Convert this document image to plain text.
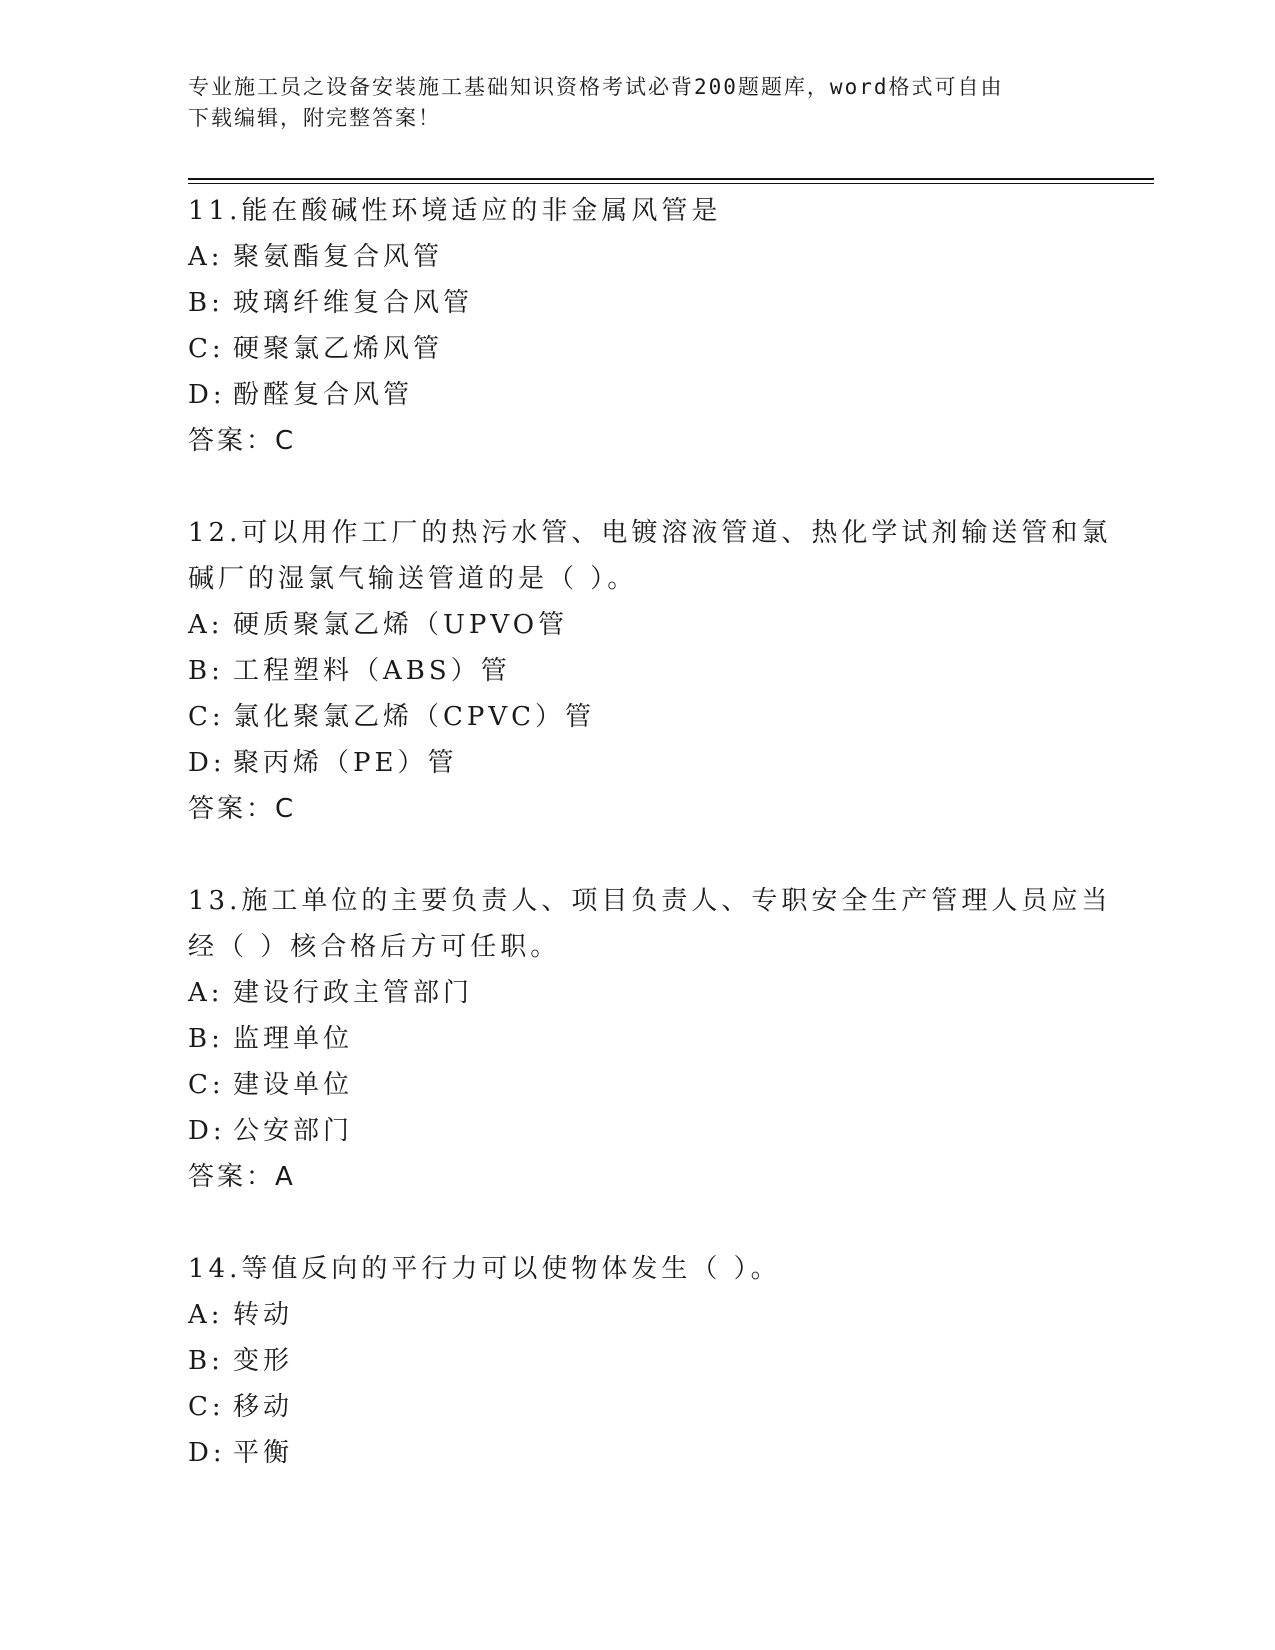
专业施工员之设备安装施工基础知识资格考试必背200题题库，word格式可自由
下载编辑，附完整答案！
11.能在酸碱性环境适应的非金属风管是
A: 聚氨酯复合风管
B: 玻璃纤维复合风管
C: 硬聚氯乙烯风管
D: 酚醛复合风管
答案：C
12.可以用作工厂的热污水管、电镀溶液管道、热化学试剂输送管和氯
碱厂的湿氯气输送管道的是（ ）。
A: 硬质聚氯乙烯（UPVO管
B: 工程塑料（ABS）管
C: 氯化聚氯乙烯（CPVC）管
D: 聚丙烯（PE）管
答案：C
13.施工单位的主要负责人、项目负责人、专职安全生产管理人员应当
经（ ）核合格后方可任职。
A: 建设行政主管部门
B: 监理单位
C: 建设单位
D: 公安部门
答案：A
14.等值反向的平行力可以使物体发生（ ）。
A: 转动
B: 变形
C: 移动
D: 平衡
